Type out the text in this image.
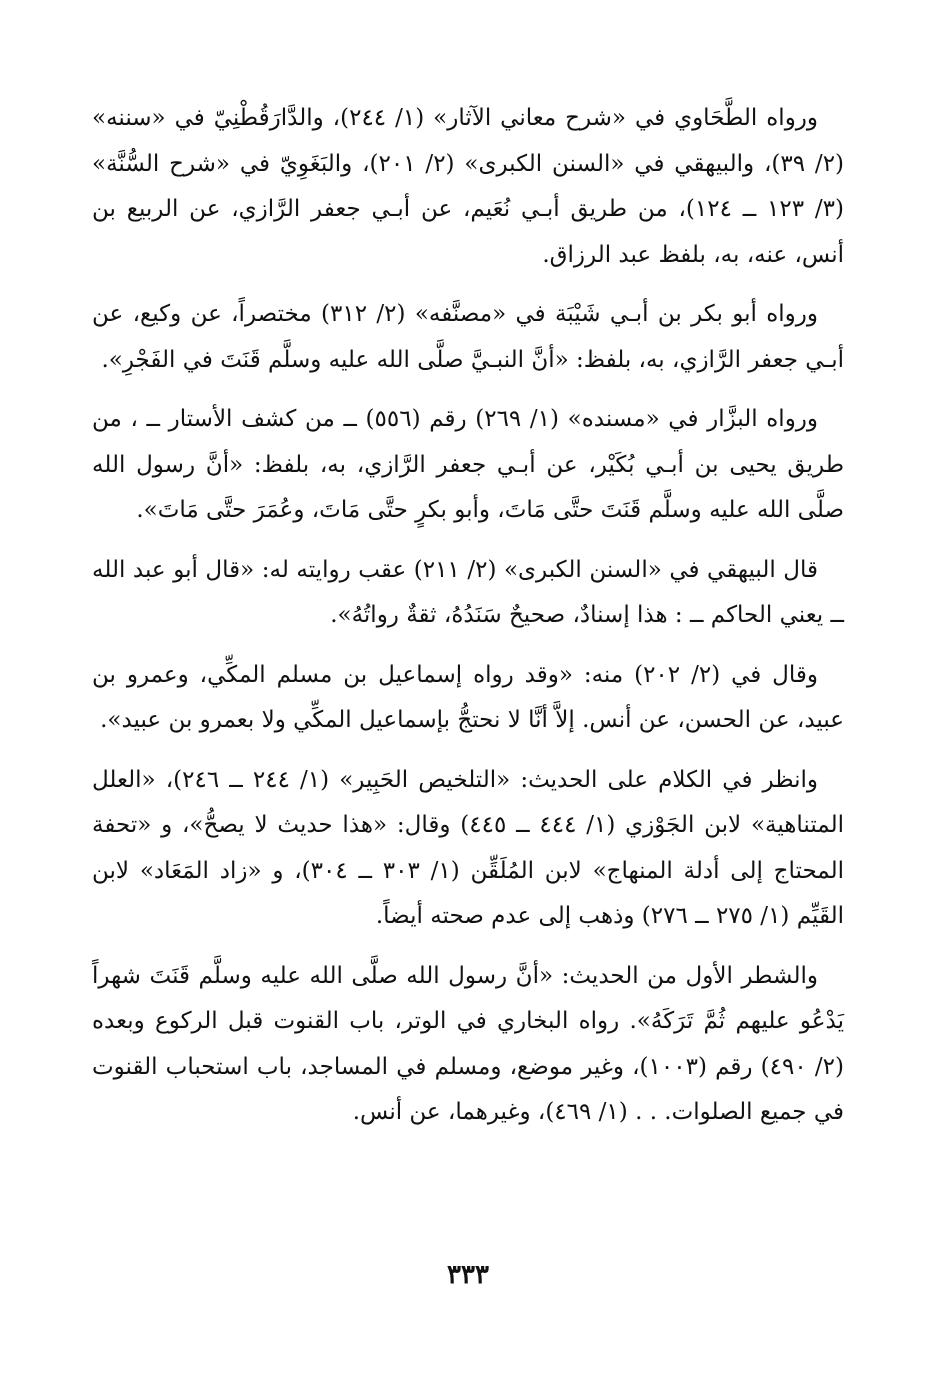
ورواه الطَّحَاوي في «شرح معاني الآثار» (١/ ٢٤٤)، والدَّارَقُطْنِيّ في «سننه» (٢/ ٣٩)، والبيهقي في «السنن الكبرى» (٢/ ٢٠١)، والبَغَوِيّ في «شرح السُّنَّة» (٣/ ١٢٣ ــ ١٢٤)، من طريق أبـي نُعَيم، عن أبـي جعفر الرَّازي، عن الربيع بن أنس، عنه، به، بلفظ عبد الرزاق.

ورواه أبو بكر بن أبـي شَيْبَة في «مصنَّفه» (٢/ ٣١٢) مختصراً، عن وكيع، عن أبـي جعفر الرَّازي، به، بلفظ: «أنَّ النبـيَّ صلَّى الله عليه وسلَّم قَنَتَ في الفَجْرِ».

ورواه البزَّار في «مسنده» (١/ ٢٦٩) رقم (٥٥٦) ــ من كشف الأستار ــ ، من طريق يحيى بن أبـي بُكَيْر، عن أبـي جعفر الرَّازي، به، بلفظ: «أنَّ رسول الله صلَّى الله عليه وسلَّم قَنَتَ حتَّى مَاتَ، وأبو بكرٍ حتَّى مَاتَ، وعُمَرَ حتَّى مَاتَ».

قال البيهقي في «السنن الكبرى» (٢/ ٢١١) عقب روايته له: «قال أبو عبد الله ــ يعني الحاكم ــ : هذا إسنادٌ، صحيحٌ سَنَدُهُ، ثقةٌ رواتُهُ».

وقال في (٢/ ٢٠٢) منه: «وقد رواه إسماعيل بن مسلم المكِّي، وعمرو بن عبيد، عن الحسن، عن أنس. إلاَّ أنَّا لا نحتجُّ بإسماعيل المكِّي ولا بعمرو بن عبيد».

وانظر في الكلام على الحديث: «التلخيص الحَبِير» (١/ ٢٤٤ ــ ٢٤٦)، «العلل المتناهية» لابن الجَوْزي (١/ ٤٤٤ ــ ٤٤٥) وقال: «هذا حديث لا يصحُّ»، و «تحفة المحتاج إلى أدلة المنهاج» لابن المُلَقِّن (١/ ٣٠٣ ــ ٣٠٤)، و «زاد المَعَاد» لابن القَيِّم (١/ ٢٧٥ ــ ٢٧٦) وذهب إلى عدم صحته أيضاً.

والشطر الأول من الحديث: «أنَّ رسول الله صلَّى الله عليه وسلَّم قَنَتَ شهراً يَدْعُو عليهم ثُمَّ تَرَكَهُ». رواه البخاري في الوتر، باب القنوت قبل الركوع وبعده (٢/ ٤٩٠) رقم (١٠٠٣)، وغير موضع، ومسلم في المساجد، باب استحباب القنوت في جميع الصلوات. . . (١/ ٤٦٩)، وغيرهما، عن أنس.

٣٣٣
